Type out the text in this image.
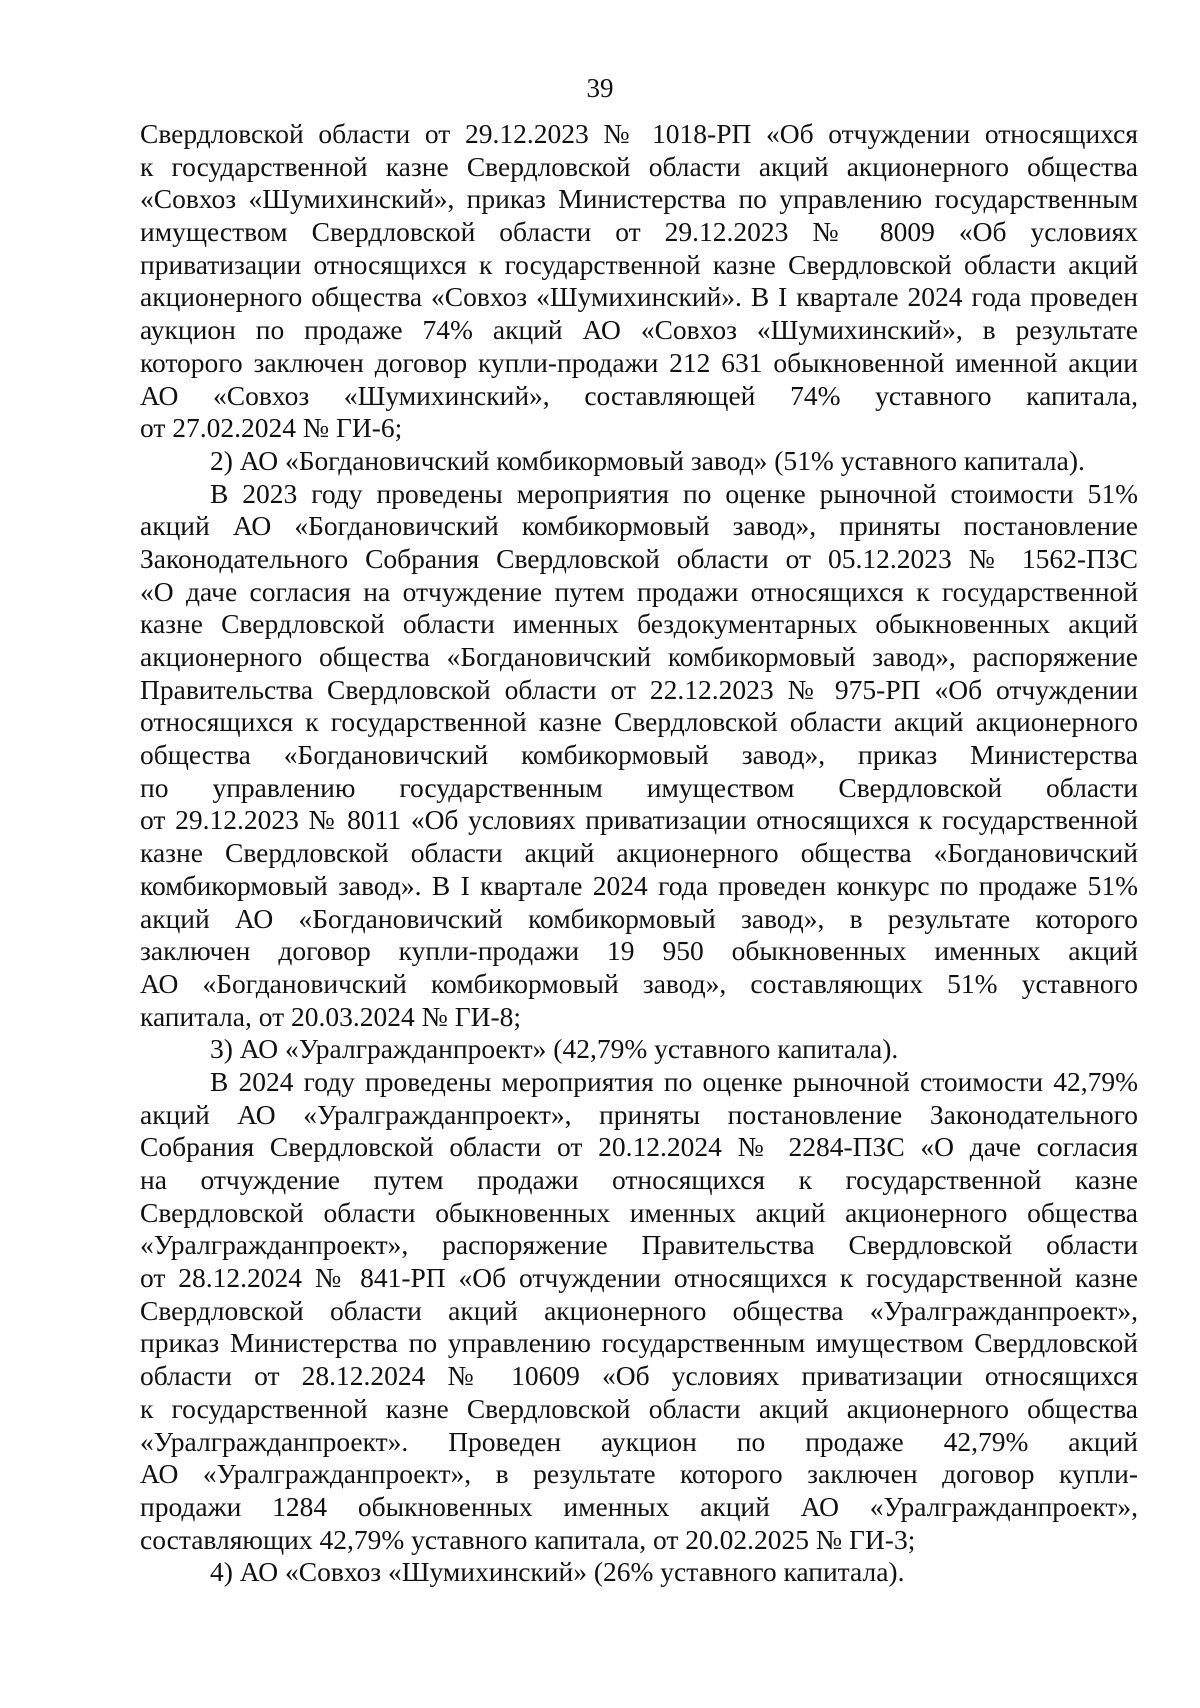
39
Свердловской области от 29.12.2023 № 1018-РП «Об отчуждении относящихся
к государственной казне Свердловской области акций акционерного общества
«Совхоз «Шумихинский», приказ Министерства по управлению государственным
имуществом Свердловской области от 29.12.2023 № 8009 «Об условиях
приватизации относящихся к государственной казне Свердловской области акций
акционерного общества «Совхоз «Шумихинский». В I квартале 2024 года проведен
аукцион по продаже 74% акций АО «Совхоз «Шумихинский», в результате
которого заключен договор купли-продажи 212 631 обыкновенной именной акции
АО «Совхоз «Шумихинский», составляющей 74% уставного капитала,
от 27.02.2024 № ГИ-6;
2) АО «Богдановичский комбикормовый завод» (51% уставного капитала).
В 2023 году проведены мероприятия по оценке рыночной стоимости 51%
акций АО «Богдановичский комбикормовый завод», приняты постановление
Законодательного Собрания Свердловской области от 05.12.2023 № 1562-ПЗС
«О даче согласия на отчуждение путем продажи относящихся к государственной
казне Свердловской области именных бездокументарных обыкновенных акций
акционерного общества «Богдановичский комбикормовый завод», распоряжение
Правительства Свердловской области от 22.12.2023 № 975-РП «Об отчуждении
относящихся к государственной казне Свердловской области акций акционерного
общества «Богдановичский комбикормовый завод», приказ Министерства
по управлению государственным имуществом Свердловской области
от 29.12.2023 № 8011 «Об условиях приватизации относящихся к государственной
казне Свердловской области акций акционерного общества «Богдановичский
комбикормовый завод». В I квартале 2024 года проведен конкурс по продаже 51%
акций АО «Богдановичский комбикормовый завод», в результате которого
заключен договор купли-продажи 19 950 обыкновенных именных акций
АО «Богдановичский комбикормовый завод», составляющих 51% уставного
капитала, от 20.03.2024 № ГИ-8;
3) АО «Уралгражданпроект» (42,79% уставного капитала).
В 2024 году проведены мероприятия по оценке рыночной стоимости 42,79%
акций АО «Уралгражданпроект», приняты постановление Законодательного
Собрания Свердловской области от 20.12.2024 № 2284-ПЗС «О даче согласия
на отчуждение путем продажи относящихся к государственной казне
Свердловской области обыкновенных именных акций акционерного общества
«Уралгражданпроект», распоряжение Правительства Свердловской области
от 28.12.2024 № 841-РП «Об отчуждении относящихся к государственной казне
Свердловской области акций акционерного общества «Уралгражданпроект»,
приказ Министерства по управлению государственным имуществом Свердловской
области от 28.12.2024 № 10609 «Об условиях приватизации относящихся
к государственной казне Свердловской области акций акционерного общества
«Уралгражданпроект». Проведен аукцион по продаже 42,79% акций
АО «Уралгражданпроект», в результате которого заключен договор купли-
продажи 1284 обыкновенных именных акций АО «Уралгражданпроект»,
составляющих 42,79% уставного капитала, от 20.02.2025 № ГИ-3;
4) АО «Совхоз «Шумихинский» (26% уставного капитала).
